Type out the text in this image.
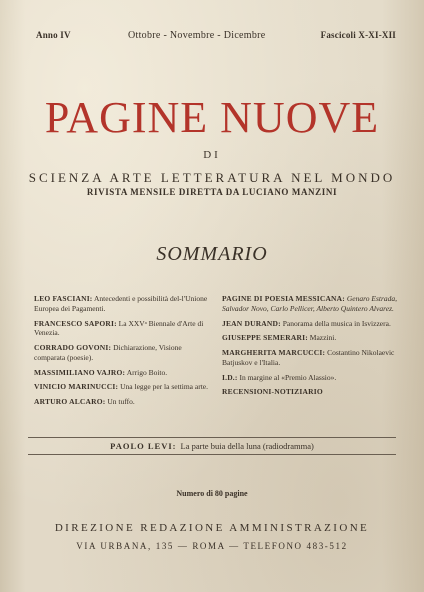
Anno IV	Ottobre - Novembre - Dicembre	Fascicoli X-XI-XII
PAGINE NUOVE
DI
SCIENZA ARTE LETTERATURA NEL MONDO
RIVISTA MENSILE DIRETTA DA LUCIANO MANZINI
SOMMARIO
LEO FASCIANI: Antecedenti e possibilità del-l'Unione Europea dei Pagamenti.
FRANCESCO SAPORI: La XXVᵃ Biennale d'Arte di Venezia.
CORRADO GOVONI: Dichiarazione, Visione comparata (poesie).
MASSIMILIANO VAJRO: Arrigo Boito.
VINICIO MARINUCCI: Una legge per la settima arte.
ARTURO ALCARO: Un tuffo.
PAGINE DI POESIA MESSICANA: Genaro Estrada, Salvador Novo, Carlo Pellicer, Alberto Quintero Alvarez.
JEAN DURAND: Panorama della musica in Isvizzera.
GIUSEPPE SEMERARI: Mazzini.
MARGHERITA MARCUCCI: Costantino Nikolaevic Batjuskov e l'Italia.
I.D.: In margine al «Premio Alassio».
RECENSIONI-NOTIZIARIO
PAOLO LEVI: La parte buia della luna (radiodramma)
Numero di 80 pagine
DIREZIONE REDAZIONE AMMINISTRAZIONE
VIA URBANA, 135 — ROMA — TELEFONO 483-512
